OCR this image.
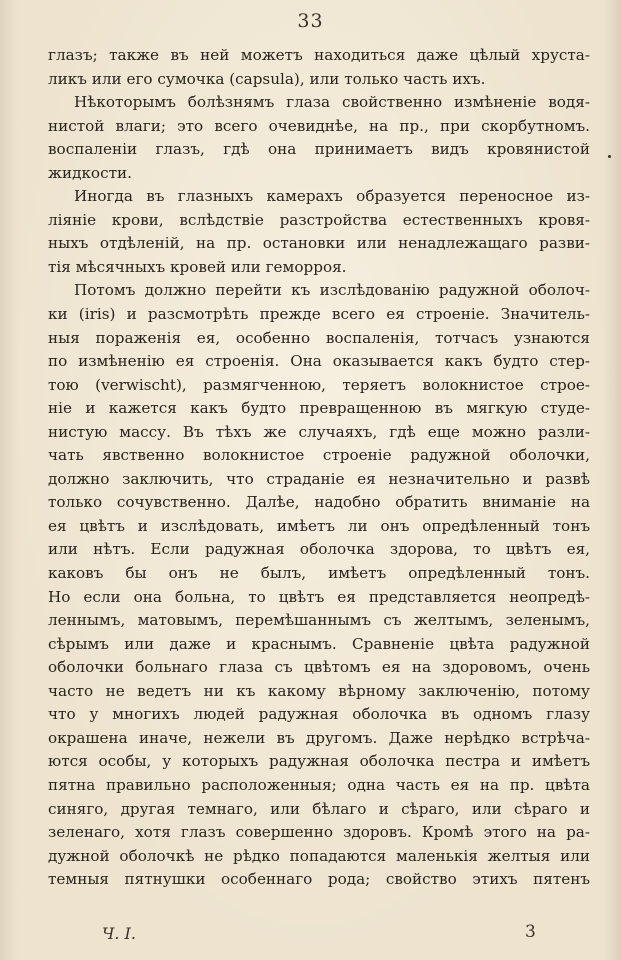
33
глазъ; также въ ней можетъ находиться даже цѣлый хруста-
ликъ или его сумочка (capsula), или только часть ихъ.
Нѣкоторымъ болѣзнямъ глаза свойственно измѣненіе водя-
нистой влаги; это всего очевиднѣе, на пр., при скорбутномъ.
воспаленіи глазъ, гдѣ она принимаетъ видъ кровянистой
жидкости.
Иногда въ глазныхъ камерахъ образуется переносное из-
ліяніе крови, вслѣдствіе разстройства естественныхъ кровя-
ныхъ отдѣленій, на пр. остановки или ненадлежащаго разви-
тія мѣсячныхъ кровей или геморроя.
Потомъ должно перейти къ изслѣдованію радужной оболоч-
ки (iris) и разсмотрѣть прежде всего ея строеніе. Значитель-
ныя пораженія ея, особенно воспаленія, тотчасъ узнаются
по измѣненію ея строенія. Она оказывается какъ будто стер-
тою (verwischt), размягченною, теряетъ волокнистое строе-
ніе и кажется какъ будто превращенною въ мягкую студе-
нистую массу. Въ тѣхъ же случаяхъ, гдѣ еще можно разли-
чать явственно волокнистое строеніе радужной оболочки,
должно заключить, что страданіе ея незначительно и развѣ
только сочувственно. Далѣе, надобно обратить вниманіе на
ея цвѣтъ и изслѣдовать, имѣетъ ли онъ опредѣленный тонъ
или нѣтъ. Если радужная оболочка здорова, то цвѣтъ ея,
каковъ бы онъ не былъ, имѣетъ опредѣленный тонъ.
Но если она больна, то цвѣтъ ея представляется неопредѣ-
леннымъ, матовымъ, перемѣшаннымъ съ желтымъ, зеленымъ,
сѣрымъ или даже и краснымъ. Сравненіе цвѣта радужной
оболочки больнаго глаза съ цвѣтомъ ея на здоровомъ, очень
часто не ведетъ ни къ какому вѣрному заключенію, потому
что у многихъ людей радужная оболочка въ одномъ глазу
окрашена иначе, нежели въ другомъ. Даже нерѣдко встрѣча-
ются особы, у которыхъ радужная оболочка пестра и имѣетъ
пятна правильно расположенныя; одна часть ея на пр. цвѣта
синяго, другая темнаго, или бѣлаго и сѣраго, или сѣраго и
зеленаго, хотя глазъ совершенно здоровъ. Кромѣ этого на ра-
дужной оболочкѣ не рѣдко попадаются маленькія желтыя или
темныя пятнушки особеннаго рода; свойство этихъ пятенъ
Ч. I.	3
